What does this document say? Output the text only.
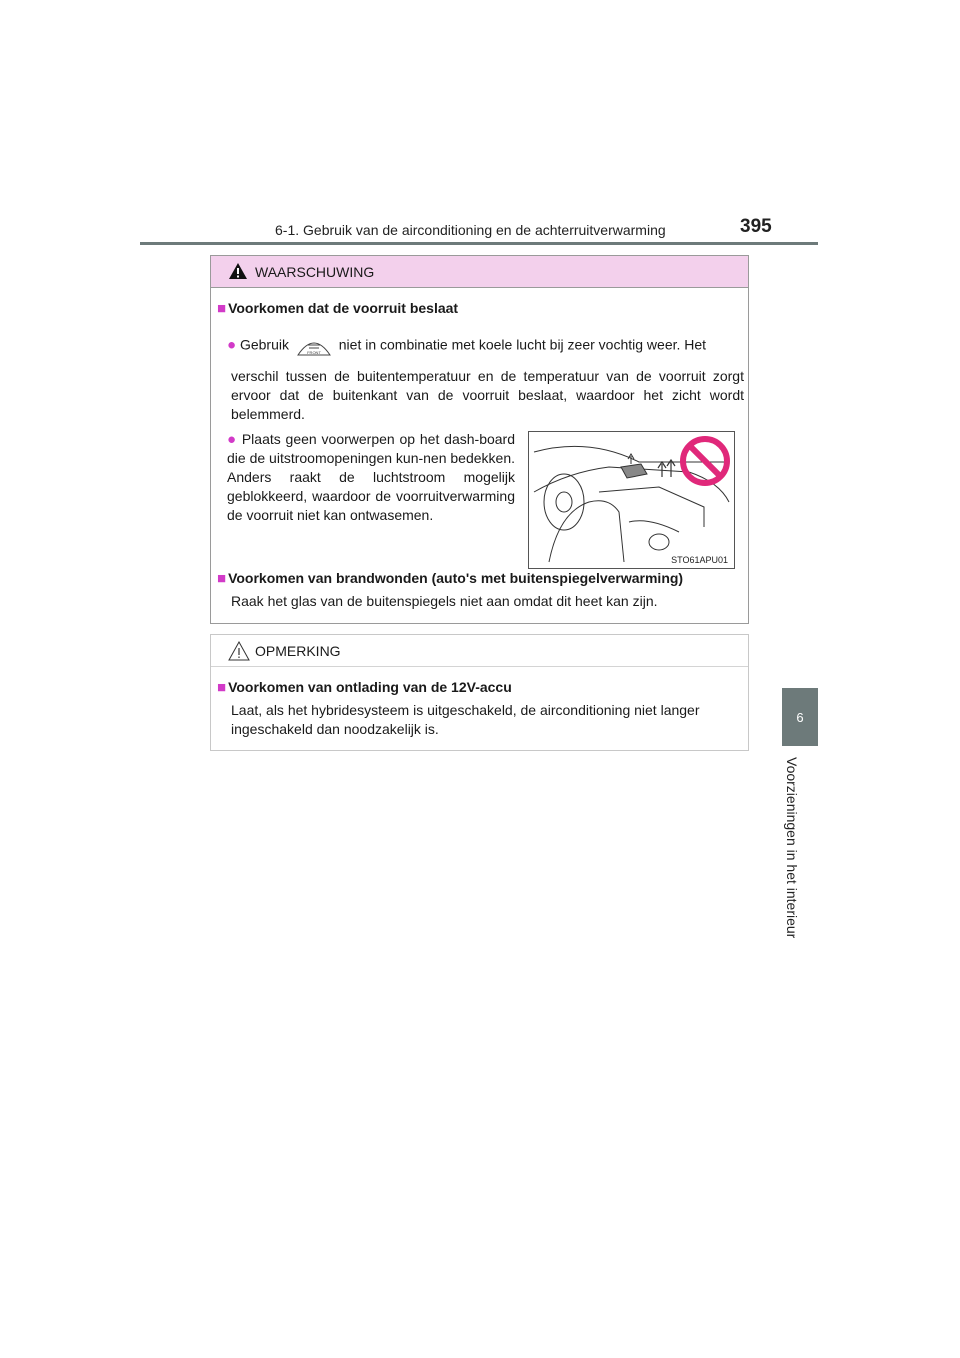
6-1. Gebruik van de airconditioning en de achterruitverwarming	395
6
Voorzieningen in het interieur
WAARSCHUWING
■ Voorkomen dat de voorruit beslaat
● Gebruik	FRONT niet in combinatie met koele lucht bij zeer vochtig weer. Het
verschil tussen de buitentemperatuur en de temperatuur van de voorruit zorgt ervoor dat de buitenkant van de voorruit beslaat, waardoor het zicht wordt belemmerd.
● Plaats geen voorwerpen op het dash-board die de uitstroomopeningen kun-nen bedekken. Anders raakt de luchtstroom mogelijk geblokkeerd, waardoor de voorruitverwarming de voorruit niet kan ontwasemen.
STO61APU01
■ Voorkomen van brandwonden (auto's met buitenspiegelverwarming)
Raak het glas van de buitenspiegels niet aan omdat dit heet kan zijn.
OPMERKING
■ Voorkomen van ontlading van de 12V-accu
Laat, als het hybridesysteem is uitgeschakeld, de airconditioning niet langer ingeschakeld dan noodzakelijk is.
